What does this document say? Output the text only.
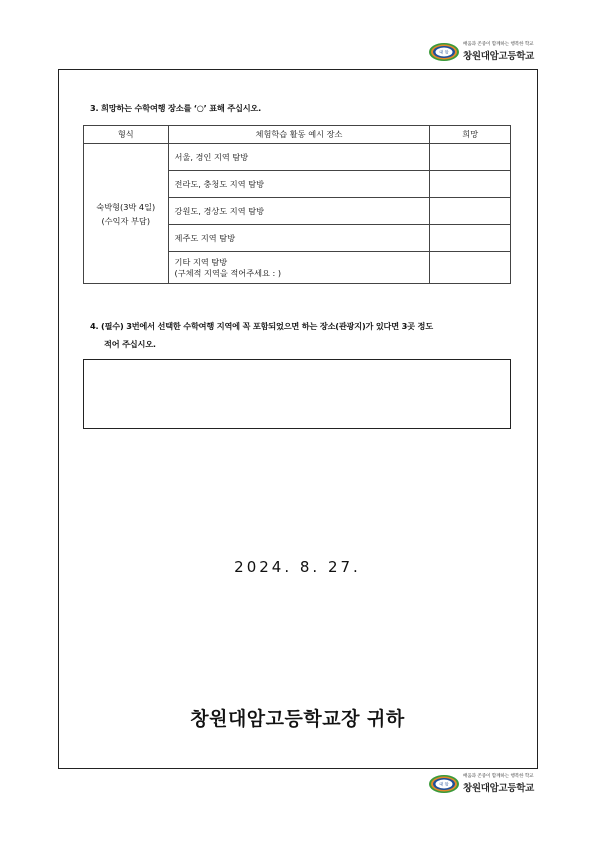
대 암
배움과 존중이 함께하는 행복한 학교
창원대암고등학교
3. 희망하는 수학여행 장소를 ‘○’ 표해 주십시오.
형식	체험학습 활동 예시 장소	희망
숙박형(3박 4일)
(수익자 부담)	서울, 경인 지역 탐방	
	전라도, 충청도 지역 탐방	
	강원도, 경상도 지역 탐방	
	제주도 지역 탐방	

	기타 지역 탐방
(구체적 지역을 적어주세요 : )	

4. (필수) 3번에서 선택한 수학여행 지역에 꼭 포함되었으면 하는 장소(관광지)가 있다면 3곳 정도
적어 주십시오.
2024. 8. 27.
창원대암고등학교장 귀하
대 암
배움과 존중이 함께하는 행복한 학교
창원대암고등학교
